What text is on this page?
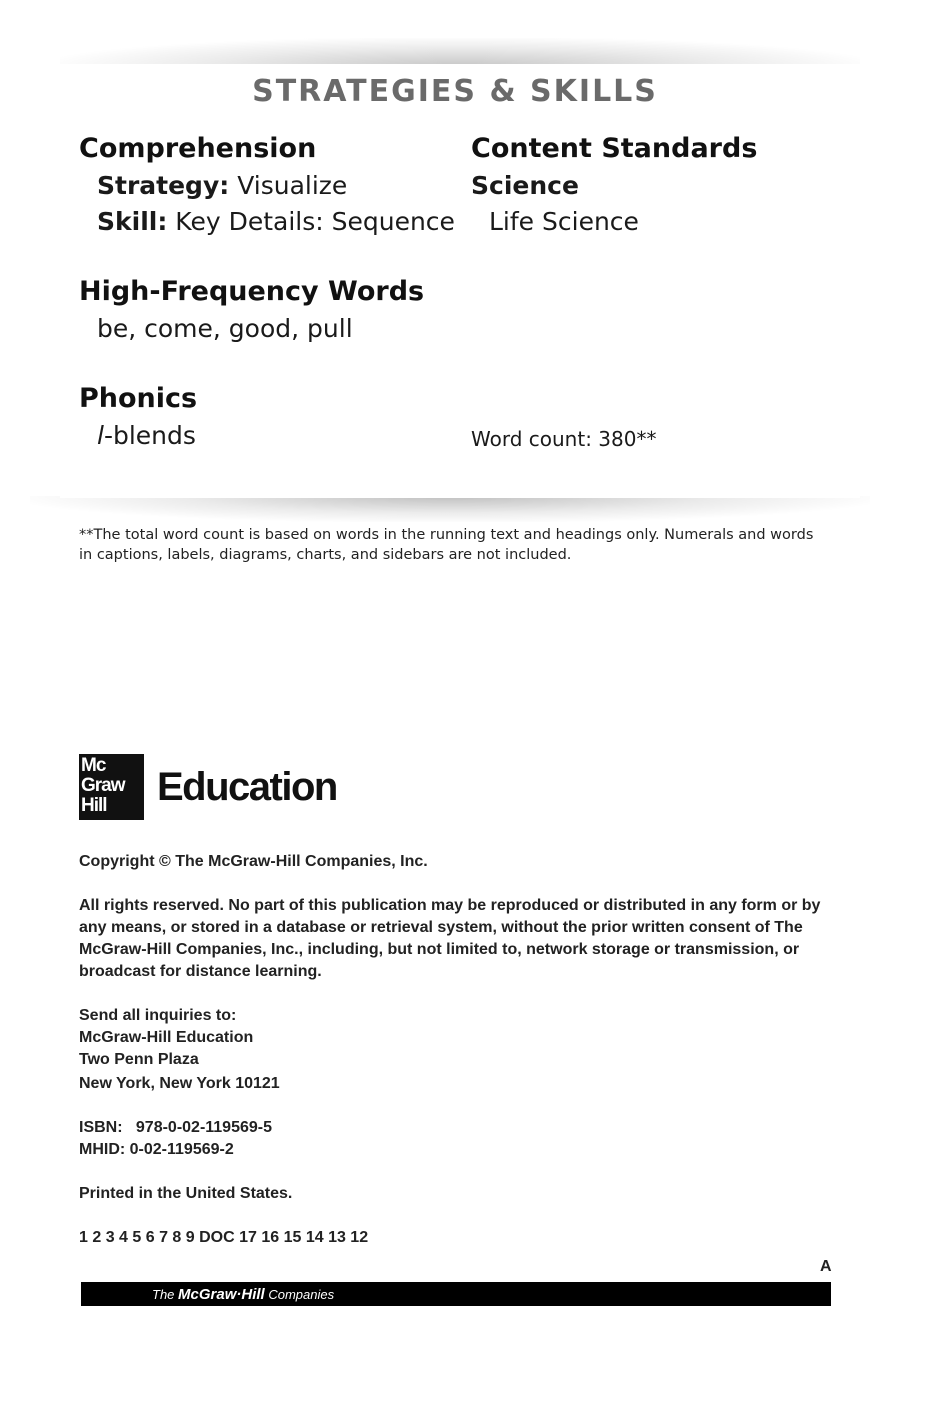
STRATEGIES & SKILLS
Comprehension
Strategy: Visualize
Skill: Key Details: Sequence
Content Standards
Science
Life Science
High-Frequency Words
be, come, good, pull
Phonics
l-blends	Word count: 380**
**The total word count is based on words in the running text and headings only. Numerals and words in captions, labels, diagrams, charts, and sidebars are not included.
Mc
Graw
Hill	Education
Copyright © The McGraw-Hill Companies, Inc.
All rights reserved. No part of this publication may be reproduced or distributed in any form or by any means, or stored in a database or retrieval system, without the prior written consent of The McGraw-Hill Companies, Inc., including, but not limited to, network storage or transmission, or broadcast for distance learning.

Send all inquiries to:

McGraw-Hill Education

Two Penn Plaza

New York, New York 10121

ISBN:   978-0-02-119569-5
MHID: 0-02-119569-2
Printed in the United States.
1 2 3 4 5 6 7 8 9 DOC 17 16 15 14 13 12
A
The McGraw·Hill Companies
